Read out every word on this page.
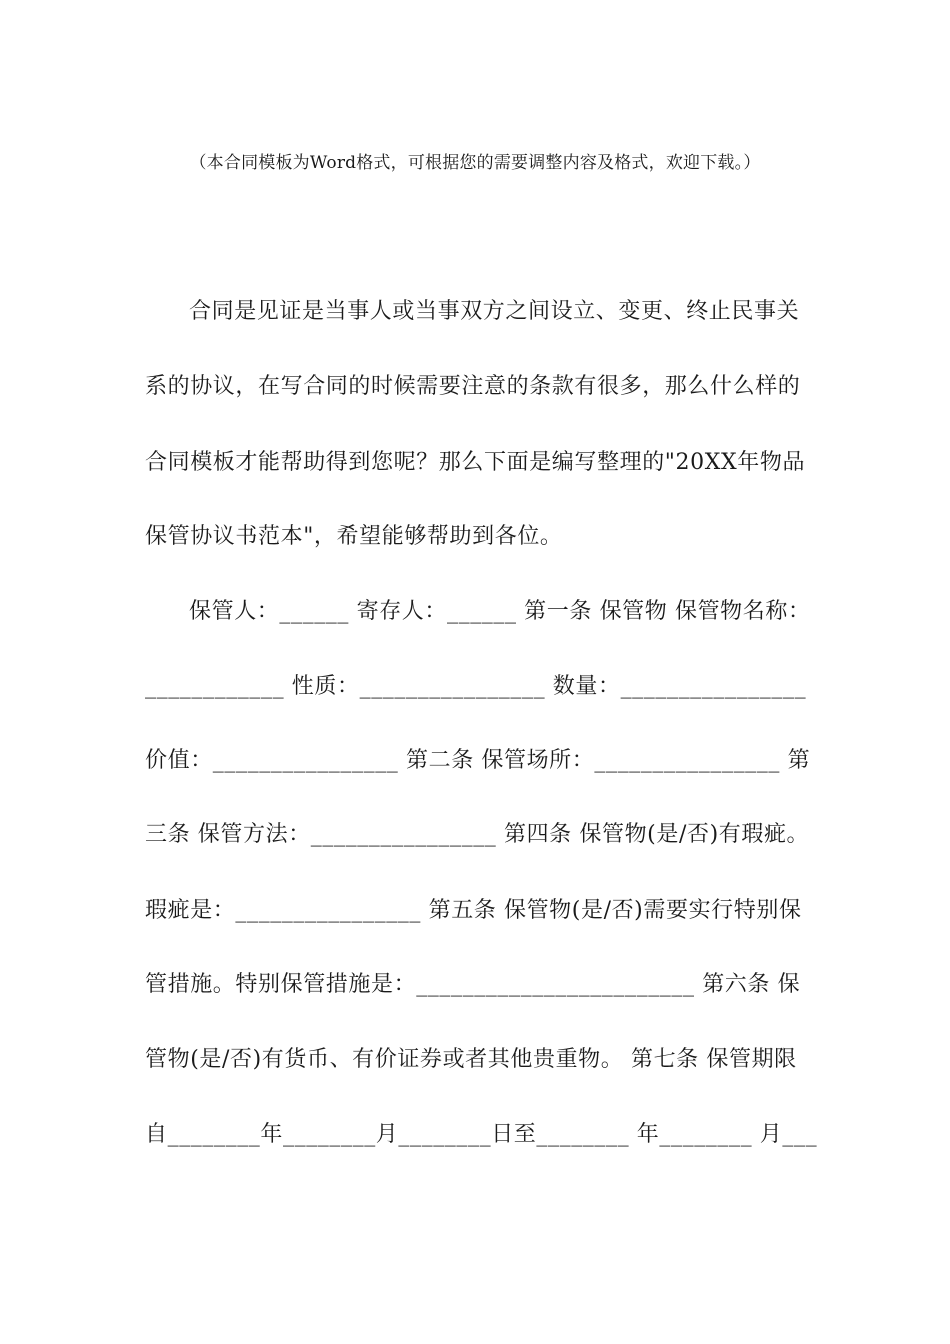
（本合同模板为Word格式，可根据您的需要调整内容及格式，欢迎下载。）
合同是见证是当事人或当事双方之间设立、变更、终止民事关
系的协议，在写合同的时候需要注意的条款有很多，那么什么样的
合同模板才能帮助得到您呢？那么下面是编写整理的"20XX年物品
保管协议书范本"，希望能够帮助到各位。
保管人：______ 寄存人：______ 第一条 保管物 保管物名称：
____________ 性质：________________ 数量：________________
价值：________________ 第二条 保管场所：________________ 第
三条 保管方法：________________ 第四条 保管物(是/否)有瑕疵。
瑕疵是：________________ 第五条 保管物(是/否)需要实行特别保
管措施。特别保管措施是：________________________ 第六条 保
管物(是/否)有货币、有价证券或者其他贵重物。 第七条 保管期限
自________年________月________日至________ 年________ 月___
